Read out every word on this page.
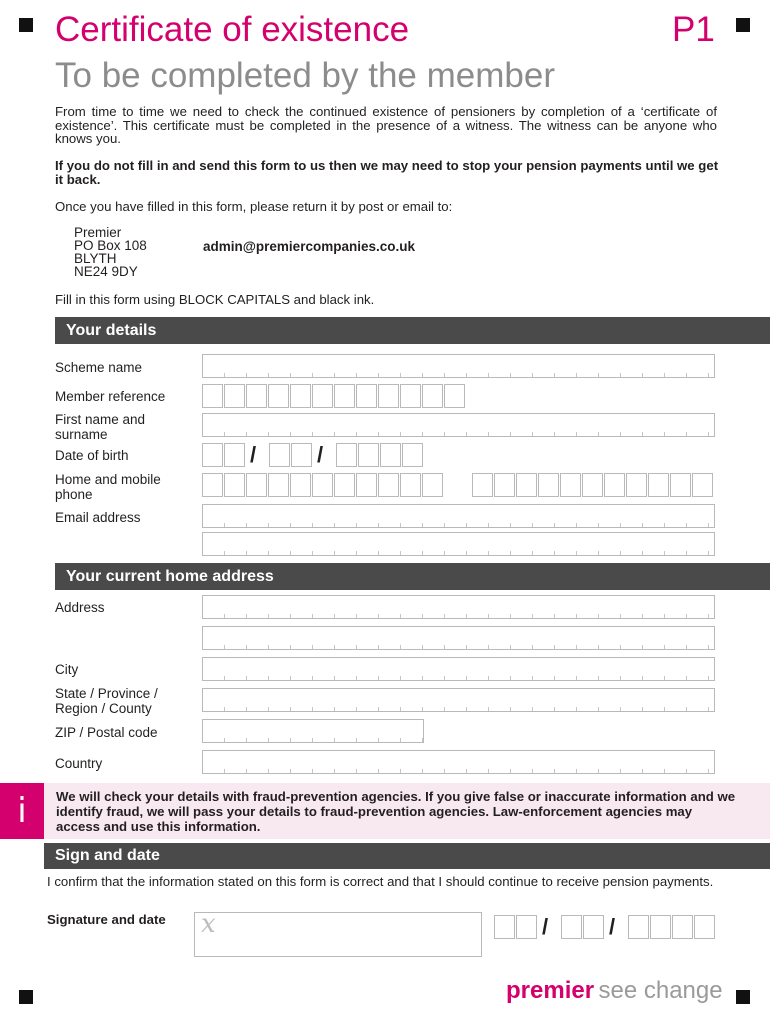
Certificate of existence	P1
To be completed by the member
From time to time we need to check the continued existence of pensioners by completion of a ‘certificate of existence’. This certificate must be completed in the presence of a witness. The witness can be anyone who knows you.
If you do not fill in and send this form to us then we may need to stop your pension payments until we get it back.
Once you have filled in this form, please return it by post or email to:
Premier
PO Box 108
BLYTH
NE24 9DY
admin@premiercompanies.co.uk
Fill in this form using BLOCK CAPITALS and black ink.
Your details
Scheme name
Member reference
First name and surname
Date of birth	/	/
Home and mobile phone
Email address
Your current home address
Address
City
State / Province / Region / County
ZIP / Postal code
Country
i	We will check your details with fraud-prevention agencies. If you give false or inaccurate information and we identify fraud, we will pass your details to fraud-prevention agencies. Law-enforcement agencies may access and use this information.
Sign and date
I confirm that the information stated on this form is correct and that I should continue to receive pension payments.
Signature and date x	/	/
premier see change
